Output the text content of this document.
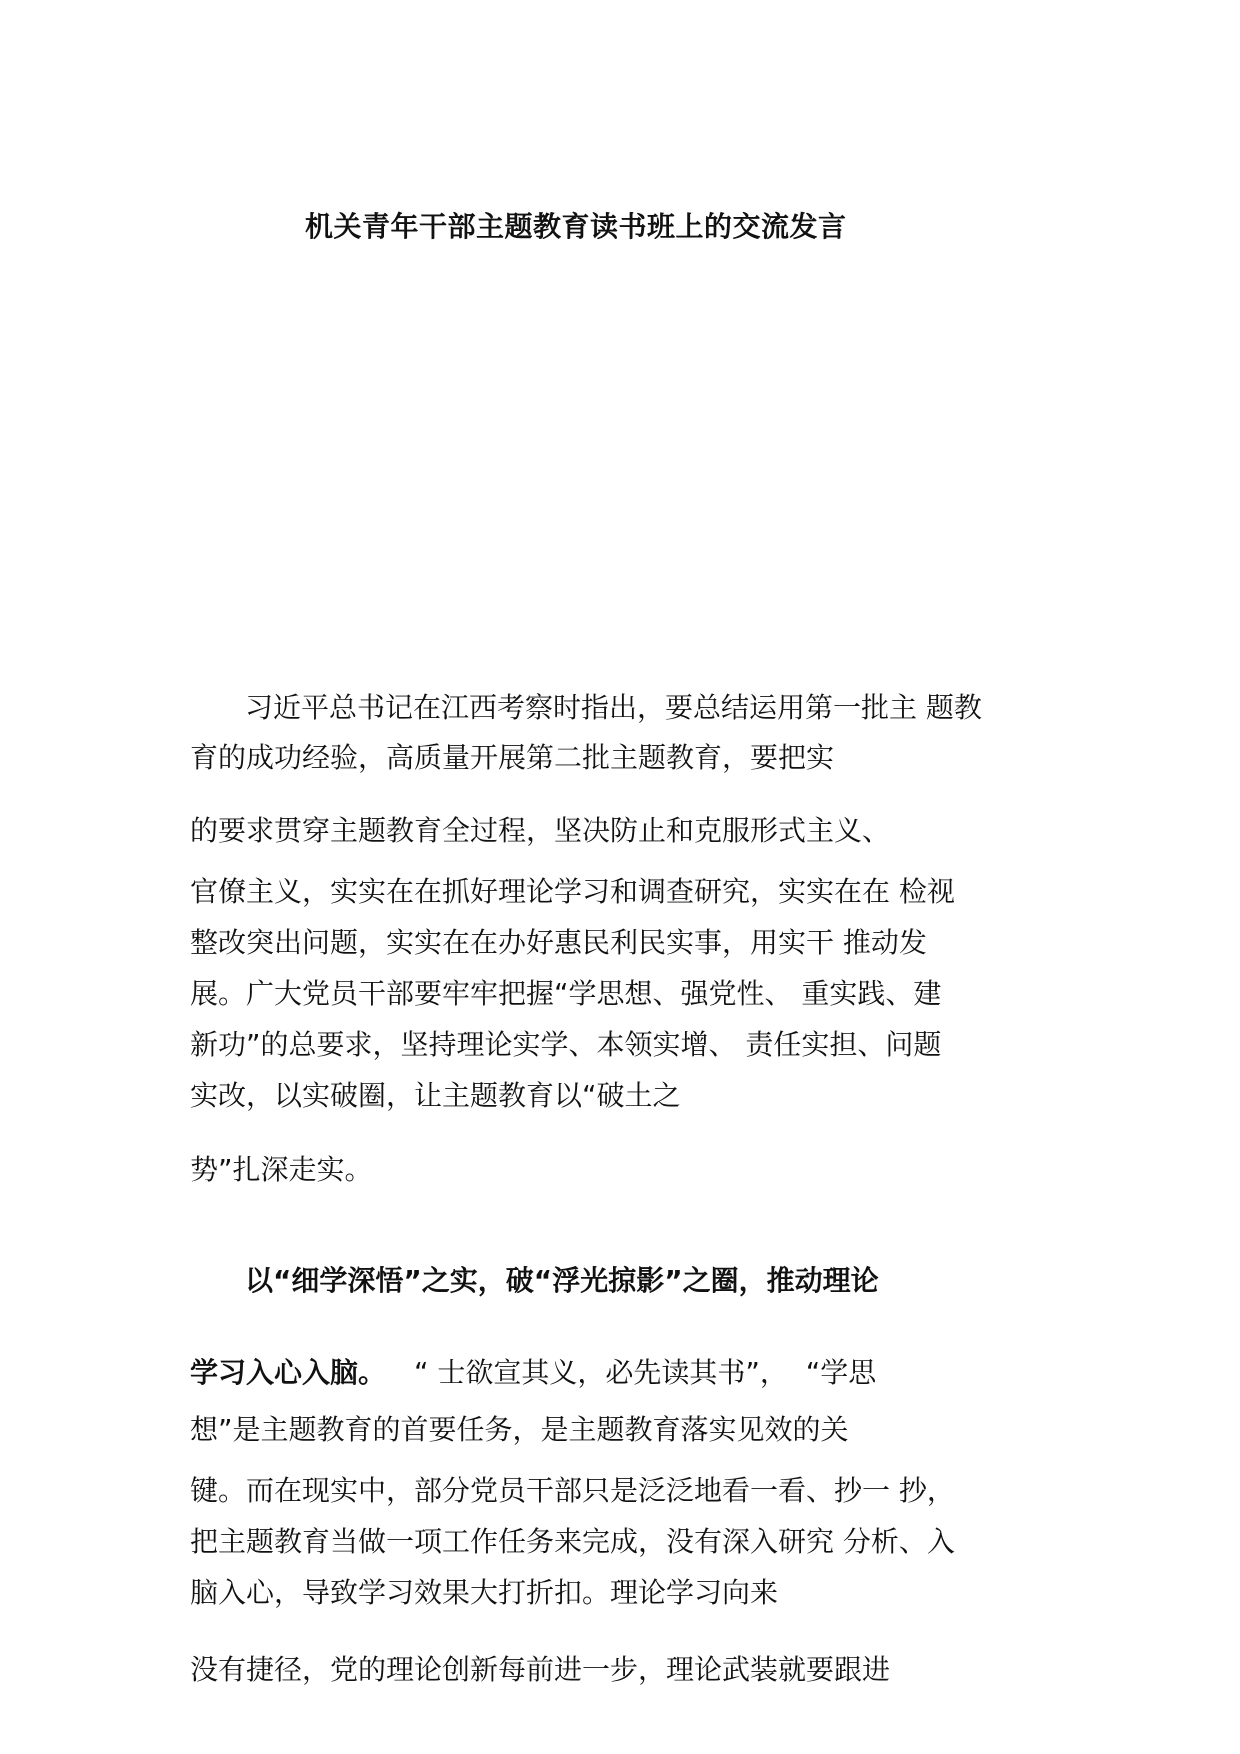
机关青年干部主题教育读书班上的交流发言
习近平总书记在江西考察时指出，要总结运用第一批主 题教
育的成功经验，高质量开展第二批主题教育，要把实
的要求贯穿主题教育全过程，坚决防止和克服形式主义、
官僚主义，实实在在抓好理论学习和调查研究，实实在在 检视
整改突出问题，实实在在办好惠民利民实事，用实干 推动发
展。广大党员干部要牢牢把握“学思想、强党性、 重实践、建
新功”的总要求，坚持理论实学、本领实增、 责任实担、问题
实改，以实破圈，让主题教育以“破土之
势”扎深走实。
以“细学深悟”之实，破“浮光掠影”之圈，推动理论
学习入心入脑。 “ 士欲宣其义，必先读其书”，  “学思
想”是主题教育的首要任务，是主题教育落实见效的关
键。而在现实中，部分党员干部只是泛泛地看一看、抄一 抄，
把主题教育当做一项工作任务来完成，没有深入研究 分析、入
脑入心，导致学习效果大打折扣。理论学习向来
没有捷径，党的理论创新每前进一步，理论武装就要跟进
